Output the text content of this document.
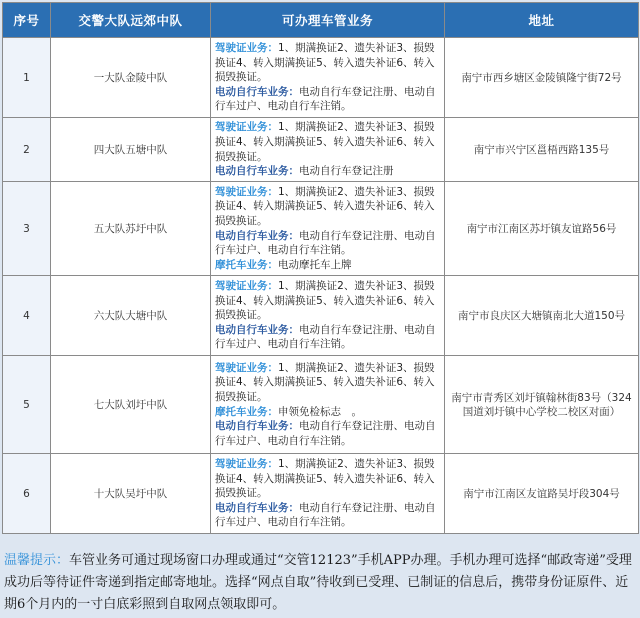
序号	交警大队远郊中队	可办理车管业务	地址
1	一大队金陵中队	驾驶证业务：1、期满换证2、遗失补证3、损毁换证4、转入期满换证5、转入遗失补证6、转入损毁换证。
电动自行车业务：电动自行车登记注册、电动自行车过户、电动自行车注销。	南宁市西乡塘区金陵镇隆宁街72号
2	四大队五塘中队	驾驶证业务：1、期满换证2、遗失补证3、损毁换证4、转入期满换证5、转入遗失补证6、转入损毁换证。
电动自行车业务：电动自行车登记注册	南宁市兴宁区邕梧西路135号
3	五大队苏圩中队	驾驶证业务：1、期满换证2、遗失补证3、损毁换证4、转入期满换证5、转入遗失补证6、转入损毁换证。
电动自行车业务：电动自行车登记注册、电动自行车过户、电动自行车注销。
摩托车业务：电动摩托车上牌	南宁市江南区苏圩镇友谊路56号
4	六大队大塘中队	驾驶证业务：1、期满换证2、遗失补证3、损毁换证4、转入期满换证5、转入遗失补证6、转入损毁换证。
电动自行车业务：电动自行车登记注册、电动自行车过户、电动自行车注销。	南宁市良庆区大塘镇南北大道150号
5	七大队刘圩中队	驾驶证业务：1、期满换证2、遗失补证3、损毁换证4、转入期满换证5、转入遗失补证6、转入损毁换证。
摩托车业务：申领免检标志　。
电动自行车业务：电动自行车登记注册、电动自行车过户、电动自行车注销。	南宁市青秀区刘圩镇翰林街83号（324国道刘圩镇中心学校二校区对面）
6	十大队吴圩中队	驾驶证业务：1、期满换证2、遗失补证3、损毁换证4、转入期满换证5、转入遗失补证6、转入损毁换证。
电动自行车业务：电动自行车登记注册、电动自行车过户、电动自行车注销。	南宁市江南区友谊路吴圩段304号
温馨提示：车管业务可通过现场窗口办理或通过“交管12123”手机APP办理。手机办理可选择“邮政寄递”受理成功后等待证件寄递到指定邮寄地址。选择“网点自取”待收到已受理、已制证的信息后，携带身份证原件、近期6个月内的一寸白底彩照到自取网点领取即可。
